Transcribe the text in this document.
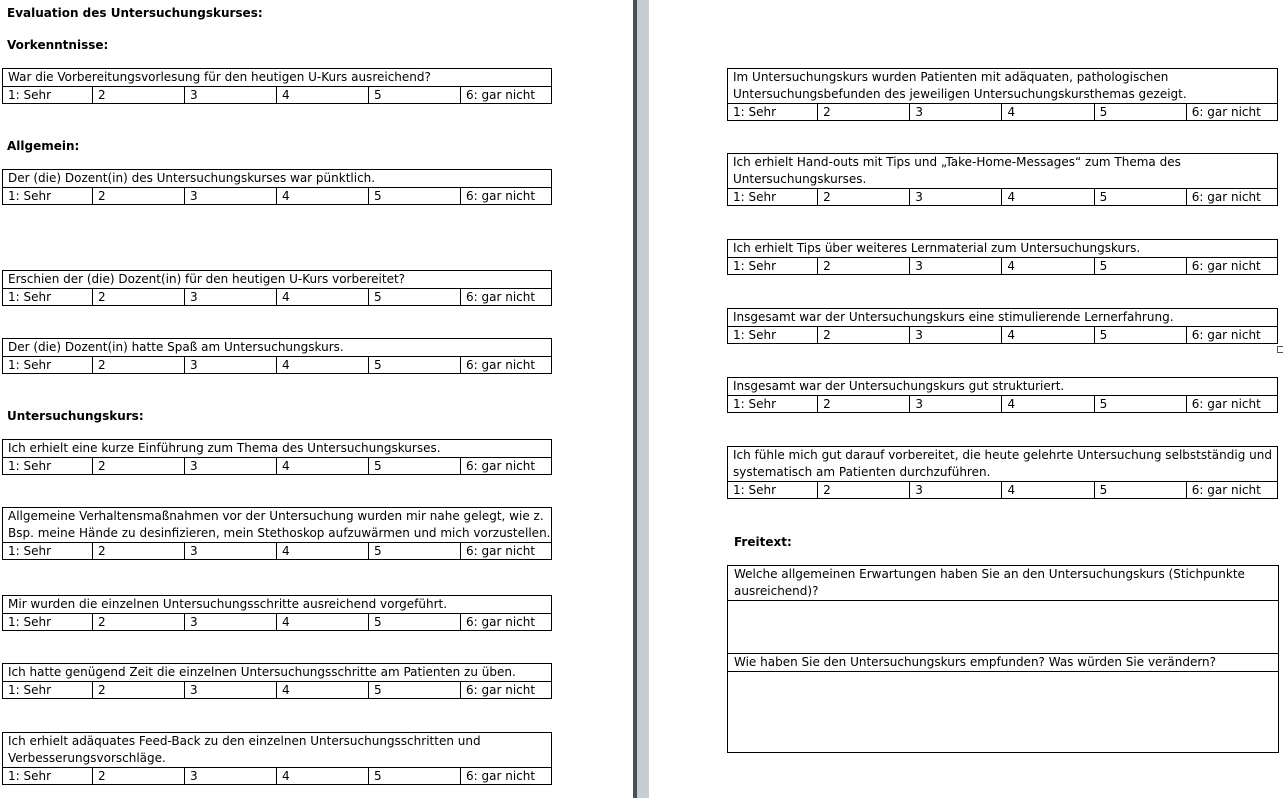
Evaluation des Untersuchungskurses:
Vorkenntnisse:
Allgemein:
Untersuchungskurs:
Freitext:
War die Vorbereitungsvorlesung für den heutigen U-Kurs ausreichend?
1: Sehr	2	3	4	5	6: gar nicht
Der (die) Dozent(in) des Untersuchungskurses war pünktlich.
1: Sehr	2	3	4	5	6: gar nicht
Erschien der (die) Dozent(in) für den heutigen U-Kurs vorbereitet?
1: Sehr	2	3	4	5	6: gar nicht
Der (die) Dozent(in) hatte Spaß am Untersuchungskurs.
1: Sehr	2	3	4	5	6: gar nicht
Ich erhielt eine kurze Einführung zum Thema des Untersuchungskurses.
1: Sehr	2	3	4	5	6: gar nicht
Allgemeine Verhaltensmaßnahmen vor der Untersuchung wurden mir nahe gelegt, wie z. Bsp. meine Hände zu desinfizieren, mein Stethoskop aufzuwärmen und mich vorzustellen.
1: Sehr	2	3	4	5	6: gar nicht
Mir wurden die einzelnen Untersuchungsschritte ausreichend vorgeführt.
1: Sehr	2	3	4	5	6: gar nicht
Ich hatte genügend Zeit die einzelnen Untersuchungsschritte am Patienten zu üben.
1: Sehr	2	3	4	5	6: gar nicht
Ich erhielt adäquates Feed-Back zu den einzelnen Untersuchungsschritten und Verbesserungsvorschläge.
1: Sehr	2	3	4	5	6: gar nicht
Im Untersuchungskurs wurden Patienten mit adäquaten, pathologischen Untersuchungsbefunden des jeweiligen Untersuchungskursthemas gezeigt.
1: Sehr	2	3	4	5	6: gar nicht
Ich erhielt Hand-outs mit Tips und „Take-Home-Messages“ zum Thema des Untersuchungskurses.
1: Sehr	2	3	4	5	6: gar nicht
Ich erhielt Tips über weiteres Lernmaterial zum Untersuchungskurs.
1: Sehr	2	3	4	5	6: gar nicht
Insgesamt war der Untersuchungskurs eine stimulierende Lernerfahrung.
1: Sehr	2	3	4	5	6: gar nicht
Insgesamt war der Untersuchungskurs gut strukturiert.
1: Sehr	2	3	4	5	6: gar nicht
Ich fühle mich gut darauf vorbereitet, die heute gelehrte Untersuchung selbstständig und systematisch am Patienten durchzuführen.
1: Sehr	2	3	4	5	6: gar nicht
Welche allgemeinen Erwartungen haben Sie an den Untersuchungskurs (Stichpunkte ausreichend)?

Wie haben Sie den Untersuchungskurs empfunden? Was würden Sie verändern?
